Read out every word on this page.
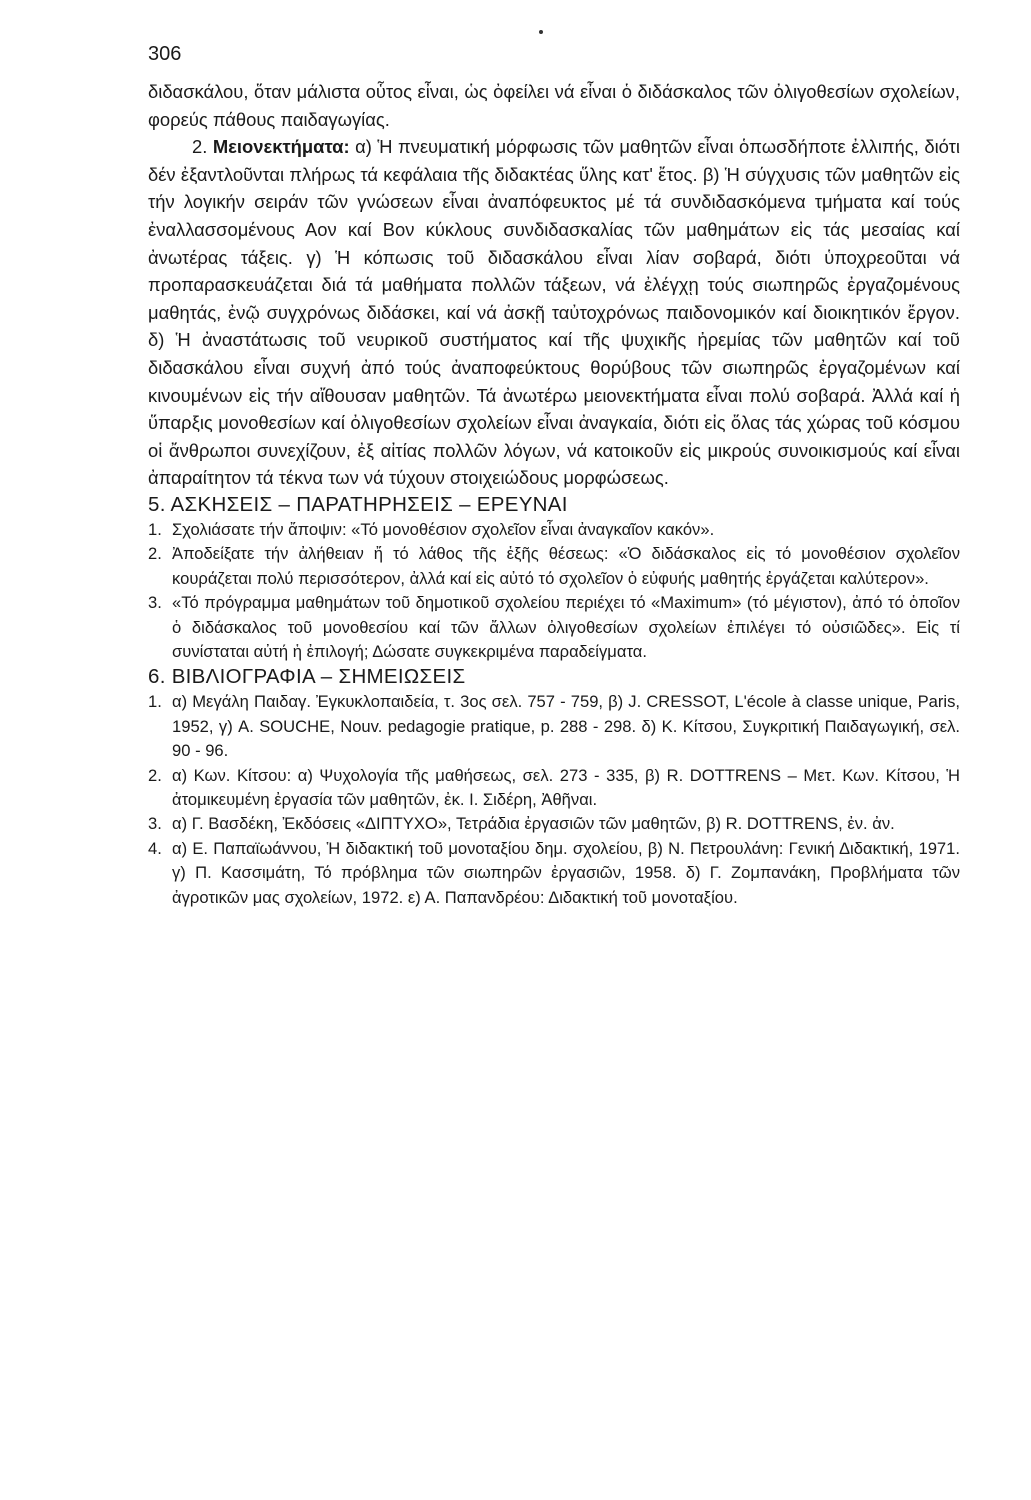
306

διδασκάλου, ὅταν μάλιστα οὗτος εἶναι, ὡς ὀφείλει νά εἶναι ὁ διδάσκαλος τῶν ὀλιγοθεσίων σχολείων, φορεύς πάθους παιδαγωγίας.

2. Μειονεκτήματα: α) Ἡ πνευματική μόρφωσις τῶν μαθητῶν εἶναι ὁπωσδήποτε ἐλλιπής, διότι δέν ἐξαντλοῦνται πλήρως τά κεφάλαια τῆς διδακτέας ὕλης κατ' ἔτος. β) Ἡ σύγχυσις τῶν μαθητῶν εἰς τήν λογικήν σειράν τῶν γνώσεων εἶναι ἀναπόφευκτος μέ τά συνδιδασκόμενα τμήματα καί τούς ἐναλλασσομένους Αον καί Βον κύκλους συνδιδασκαλίας τῶν μαθημάτων εἰς τάς μεσαίας καί ἀνωτέρας τάξεις. γ) Ἡ κόπωσις τοῦ διδασκάλου εἶναι λίαν σοβαρά, διότι ὑποχρεοῦται νά προπαρασκευάζεται διά τά μαθήματα πολλῶν τάξεων, νά ἐλέγχῃ τούς σιωπηρῶς ἐργαζομένους μαθητάς, ἐνῷ συγχρόνως διδάσκει, καί νά ἀσκῇ ταὐτοχρόνως παιδονομικόν καί διοικητικόν ἔργον. δ) Ἡ ἀναστάτωσις τοῦ νευρικοῦ συστήματος καί τῆς ψυχικῆς ἠρεμίας τῶν μαθητῶν καί τοῦ διδασκάλου εἶναι συχνή ἀπό τούς ἀναποφεύκτους θορύβους τῶν σιωπηρῶς ἐργαζομένων καί κινουμένων εἰς τήν αἴθουσαν μαθητῶν. Τά ἀνωτέρω μειονεκτήματα εἶναι πολύ σοβαρά. Ἀλλά καί ἡ ὕπαρξις μονοθεσίων καί ὀλιγοθεσίων σχολείων εἶναι ἀναγκαία, διότι εἰς ὅλας τάς χώρας τοῦ κόσμου οἱ ἄνθρωποι συνεχίζουν, ἐξ αἰτίας πολλῶν λόγων, νά κατοικοῦν εἰς μικρούς συνοικισμούς καί εἶναι ἀπαραίτητον τά τέκνα των νά τύχουν στοιχειώδους μορφώσεως.

5. ΑΣΚΗΣΕΙΣ – ΠΑΡΑΤΗΡΗΣΕΙΣ – ΕΡΕΥΝΑΙ
1. Σχολιάσατε τήν ἄποψιν: «Τό μονοθέσιον σχολεῖον εἶναι ἀναγκαῖον κακόν».
2. Ἀποδείξατε τήν ἀλήθειαν ἤ τό λάθος τῆς ἑξῆς θέσεως: «Ὁ διδάσκαλος εἰς τό μονοθέσιον σχολεῖον κουράζεται πολύ περισσότερον, ἀλλά καί εἰς αὐτό τό σχολεῖον ὁ εὐφυής μαθητής ἐργάζεται καλύτερον».
3. «Τό πρόγραμμα μαθημάτων τοῦ δημοτικοῦ σχολείου περιέχει τό «Maximum» (τό μέγιστον), ἀπό τό ὁποῖον ὁ διδάσκαλος τοῦ μονοθεσίου καί τῶν ἄλλων ὀλιγοθεσίων σχολείων ἐπιλέγει τό οὐσιῶδες». Εἰς τί συνίσταται αὐτή ἡ ἐπιλογή; Δώσατε συγκεκριμένα παραδείγματα.
6. ΒΙΒΛΙΟΓΡΑΦΙΑ – ΣΗΜΕΙΩΣΕΙΣ
1. α) Μεγάλη Παιδαγ. Ἐγκυκλοπαιδεία, τ. 3ος σελ. 757 - 759, β) J. CRESSOT, L'école à classe unique, Paris, 1952, γ) A. SOUCHE, Nouv. pedagogie pratique, p. 288 - 298. δ) Κ. Κίτσου, Συγκριτική Παιδαγωγική, σελ. 90 - 96.
2. α) Κων. Κίτσου: α) Ψυχολογία τῆς μαθήσεως, σελ. 273 - 335, β) R. DOTTRENS – Μετ. Κων. Κίτσου, Ἡ ἀτομικευμένη ἐργασία τῶν μαθητῶν, ἐκ. Ι. Σιδέρη, Ἀθῆναι.
3. α) Γ. Βασδέκη, Ἐκδόσεις «ΔΙΠΤΥΧΟ», Τετράδια ἐργασιῶν τῶν μαθητῶν, β) R. DOTTRENS, ἐν. ἀν.
4. α) Ε. Παπαϊωάννου, Ἡ διδακτική τοῦ μονοταξίου δημ. σχολείου, β) Ν. Πετρουλάνη: Γενική Διδακτική, 1971. γ) Π. Κασσιμάτη, Τό πρόβλημα τῶν σιωπηρῶν ἐργασιῶν, 1958. δ) Γ. Ζομπανάκη, Προβλήματα τῶν ἀγροτικῶν μας σχολείων, 1972. ε) Α. Παπανδρέου: Διδακτική τοῦ μονοταξίου.
